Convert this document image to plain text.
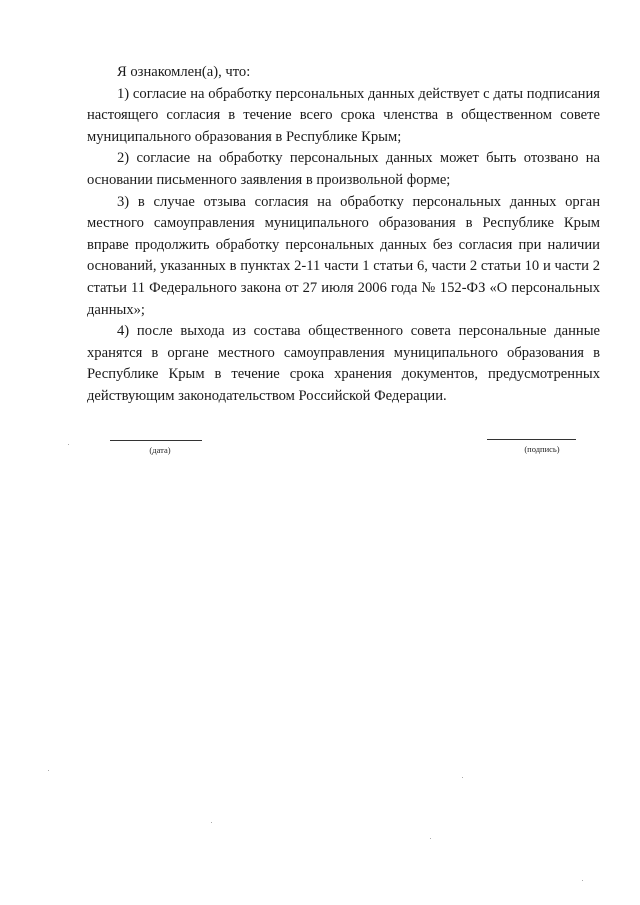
Я ознакомлен(а), что:

1) согласие на обработку персональных данных действует с даты подписания настоящего согласия в течение всего срока членства в общественном совете муниципального образования в Республике Крым;

2) согласие на обработку персональных данных может быть отозвано на основании письменного заявления в произвольной форме;

3) в случае отзыва согласия на обработку персональных данных орган местного самоуправления муниципального образования в Республике Крым вправе продолжить обработку персональных данных без согласия при наличии оснований, указанных в пунктах 2-11 части 1 статьи 6, части 2 статьи 10 и части 2 статьи 11 Федерального закона от 27 июля 2006 года № 152-ФЗ «О персональных данных»;

4) после выхода из состава общественного совета персональные данные хранятся в органе местного самоуправления муниципального образования в Республике Крым в течение срока хранения документов, предусмотренных действующим законодательством Российской Федерации.

(дата)	(подпись)
